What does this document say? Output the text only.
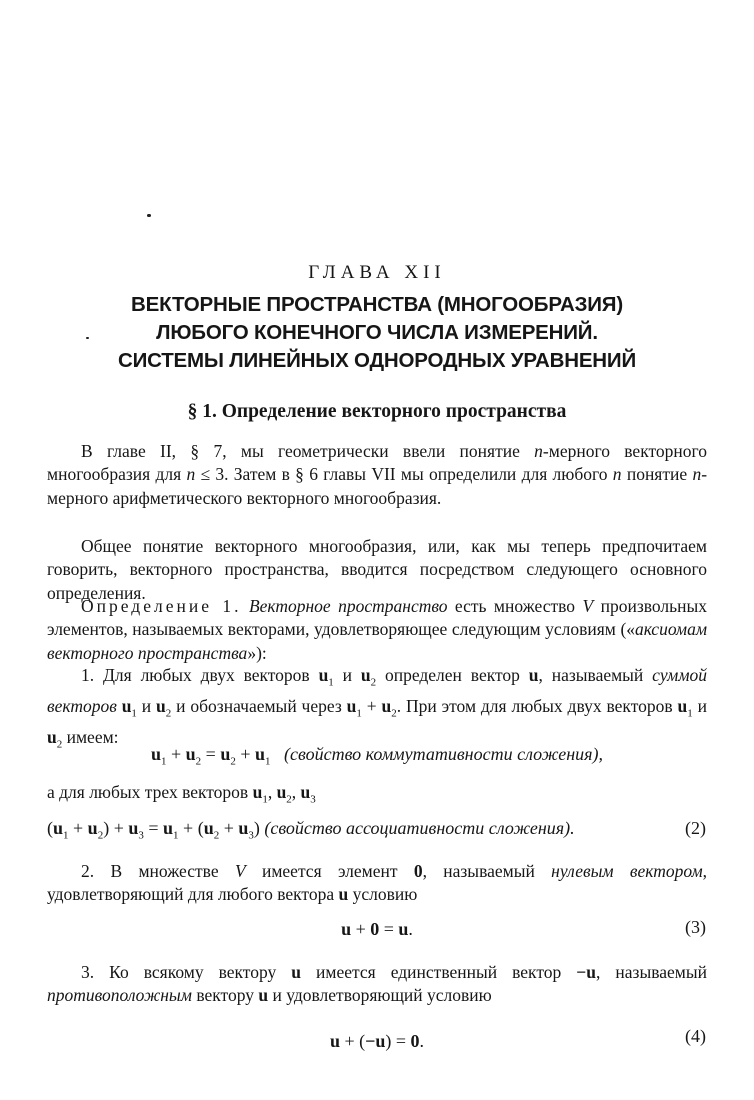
ГЛАВА XII
ВЕКТОРНЫЕ ПРОСТРАНСТВА (МНОГООБРАЗИЯ)
ЛЮБОГО КОНЕЧНОГО ЧИСЛА ИЗМЕРЕНИЙ.
СИСТЕМЫ ЛИНЕЙНЫХ ОДНОРОДНЫХ УРАВНЕНИЙ
§ 1. Определение векторного пространства

В главе II, § 7, мы геометрически ввели понятие n-мерного векторного многообразия для n ≤ 3. Затем в § 6 главы VII мы определили для любого n понятие n-мерного арифметического векторного многообразия.

Общее понятие векторного многообразия, или, как мы теперь предпочитаем говорить, векторного пространства, вводится посредством следующего основного определения.

Определение 1. Векторное пространство есть множество V произвольных элементов, называемых векторами, удовлетворяющее следующим условиям («аксиомам векторного пространства»):

1. Для любых двух векторов $u_1$ и $u_2$ определен вектор u, называемый суммой векторов $u_1$ и $u_2$ и обозначаемый через $u_1 + u_2$. При этом для любых двух векторов $u_1$ и $u_2$ имеем:

$u_1 + u_2 = u_2 + u_1$ (свойство коммутативности сложения),
а для любых трех векторов $u_1$, $u_2$, $u_3$
$(u_1 + u_2) + u_3 = u_1 + (u_2 + u_3)$ (свойство ассоциативности сложения).	(2)

2. В множестве V имеется элемент 0, называемый нулевым вектором, удовлетворяющий для любого вектора u условию

u + 0 = u.	(3)

3. Ко всякому вектору u имеется единственный вектор −u, называемый противоположным вектору u и удовлетворяющий условию

u + (−u) = 0.	(4)
